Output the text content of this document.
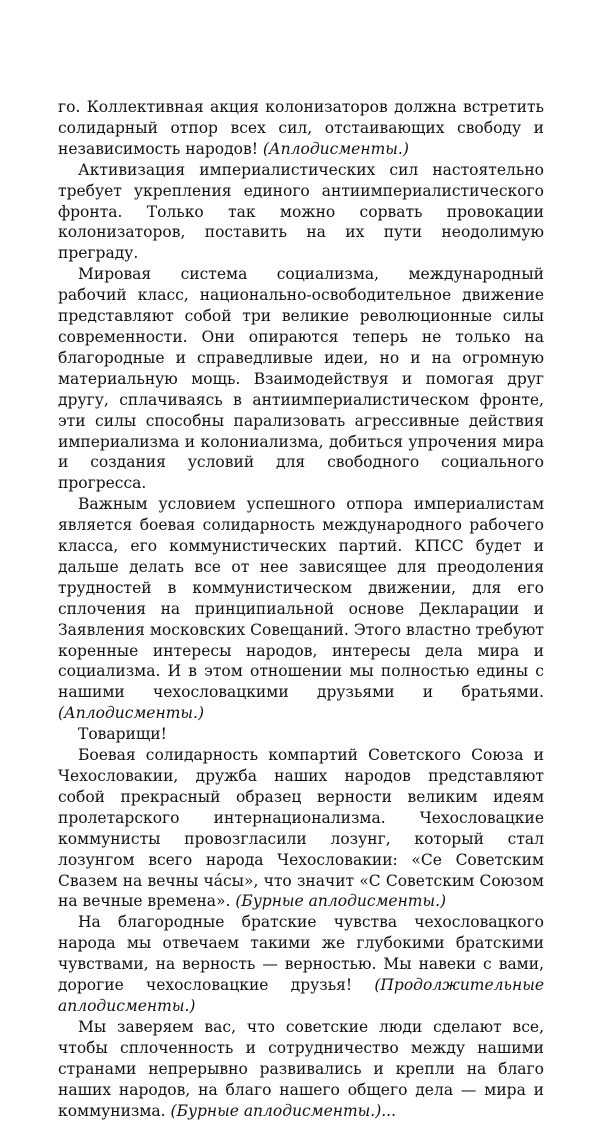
го. Коллективная акция колонизаторов должна встретить солидарный отпор всех сил, отстаивающих свободу и независимость народов! (Аплодисменты.)

Активизация империалистических сил настоятельно требует укрепления единого антиимпериалистического фронта. Только так можно сорвать провокации колонизаторов, поставить на их пути неодолимую преграду.

Мировая система социализма, международный рабочий класс, национально-освободительное движение представляют собой три великие революционные силы современности. Они опираются теперь не только на благородные и справедливые идеи, но и на огромную материальную мощь. Взаимодействуя и помогая друг другу, сплачиваясь в антиимпериалистическом фронте, эти силы способны парализовать агрессивные действия империализма и колониализма, добиться упрочения мира и создания условий для свободного социального прогресса.

Важным условием успешного отпора империалистам является боевая солидарность международного рабочего класса, его коммунистических партий. КПСС будет и дальше делать все от нее зависящее для преодоления трудностей в коммунистическом движении, для его сплочения на принципиальной основе Декларации и Заявления московских Совещаний. Этого властно требуют коренные интересы народов, интересы дела мира и социализма. И в этом отношении мы полностью едины с нашими чехословацкими друзьями и братьями. (Аплодисменты.)

Товарищи!

Боевая солидарность компартий Советского Союза и Чехословакии, дружба наших народов представляют собой прекрасный образец верности великим идеям пролетарского интернационализма. Чехословацкие коммунисты провозгласили лозунг, который стал лозунгом всего народа Чехословакии: «Се Советским Свазем на вечны ча́сы», что значит «С Советским Союзом на вечные времена». (Бурные аплодисменты.)

На благородные братские чувства чехословацкого народа мы отвечаем такими же глубокими братскими чувствами, на верность — верностью. Мы навеки с вами, дорогие чехословацкие друзья! (Продолжительные аплодисменты.)

Мы заверяем вас, что советские люди сделают все, чтобы сплоченность и сотрудничество между нашими странами непрерывно развивались и крепли на благо наших народов, на благо нашего общего дела — мира и коммунизма. (Бурные аплодисменты.)...
